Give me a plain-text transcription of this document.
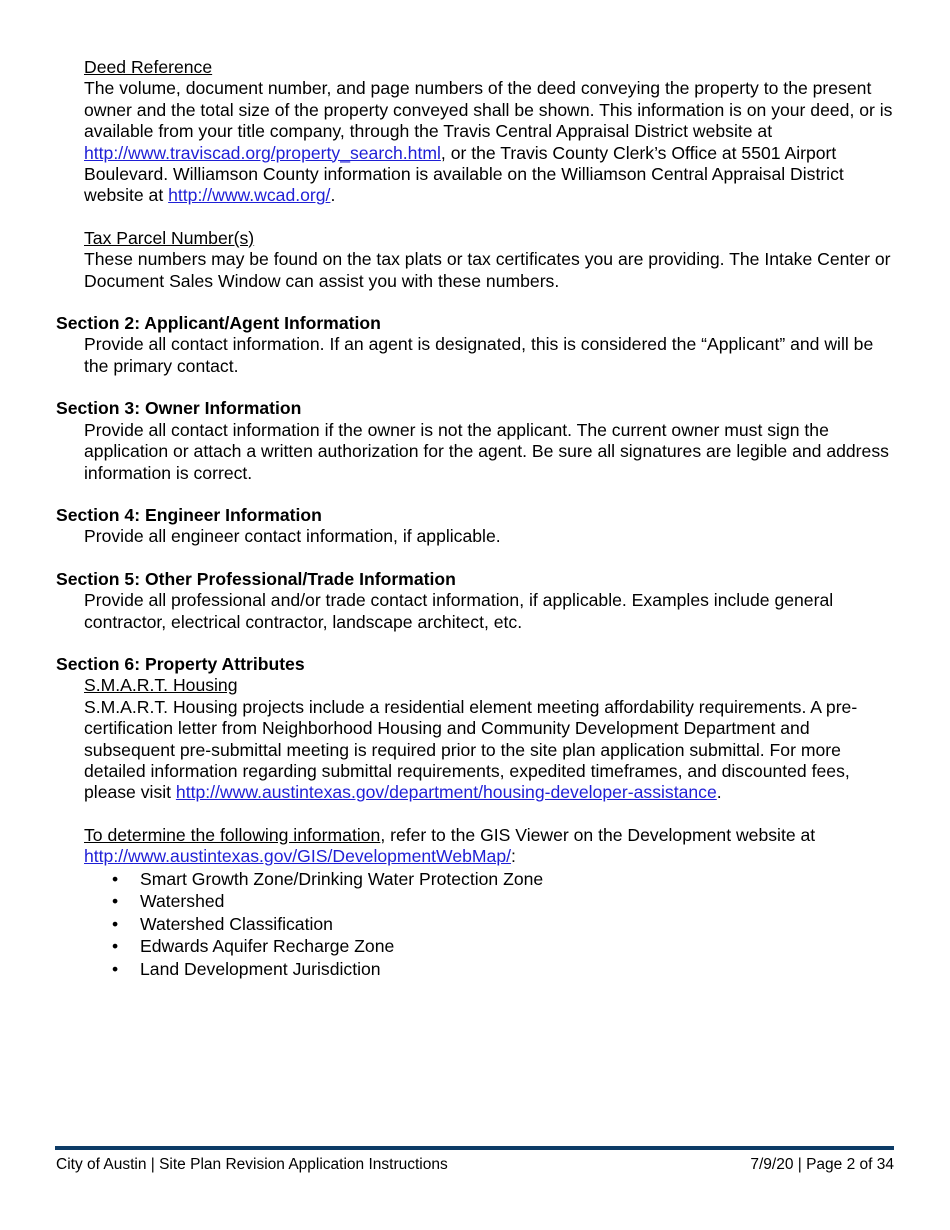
Deed Reference
The volume, document number, and page numbers of the deed conveying the property to the present owner and the total size of the property conveyed shall be shown. This information is on your deed, or is available from your title company, through the Travis Central Appraisal District website at http://www.traviscad.org/property_search.html, or the Travis County Clerk’s Office at 5501 Airport Boulevard. Williamson County information is available on the Williamson Central Appraisal District website at http://www.wcad.org/.
Tax Parcel Number(s)
These numbers may be found on the tax plats or tax certificates you are providing. The Intake Center or Document Sales Window can assist you with these numbers.
Section 2: Applicant/Agent Information
Provide all contact information. If an agent is designated, this is considered the “Applicant” and will be the primary contact.
Section 3: Owner Information
Provide all contact information if the owner is not the applicant. The current owner must sign the application or attach a written authorization for the agent. Be sure all signatures are legible and address information is correct.
Section 4: Engineer Information
Provide all engineer contact information, if applicable.
Section 5: Other Professional/Trade Information
Provide all professional and/or trade contact information, if applicable. Examples include general contractor, electrical contractor, landscape architect, etc.
Section 6: Property Attributes
S.M.A.R.T. Housing
S.M.A.R.T. Housing projects include a residential element meeting affordability requirements. A pre-certification letter from Neighborhood Housing and Community Development Department and subsequent pre-submittal meeting is required prior to the site plan application submittal. For more detailed information regarding submittal requirements, expedited timeframes, and discounted fees, please visit http://www.austintexas.gov/department/housing-developer-assistance.
To determine the following information, refer to the GIS Viewer on the Development website at http://www.austintexas.gov/GIS/DevelopmentWebMap/:
• Smart Growth Zone/Drinking Water Protection Zone
• Watershed
• Watershed Classification
• Edwards Aquifer Recharge Zone
• Land Development Jurisdiction
City of Austin | Site Plan Revision Application Instructions	7/9/20 | Page 2 of 34
